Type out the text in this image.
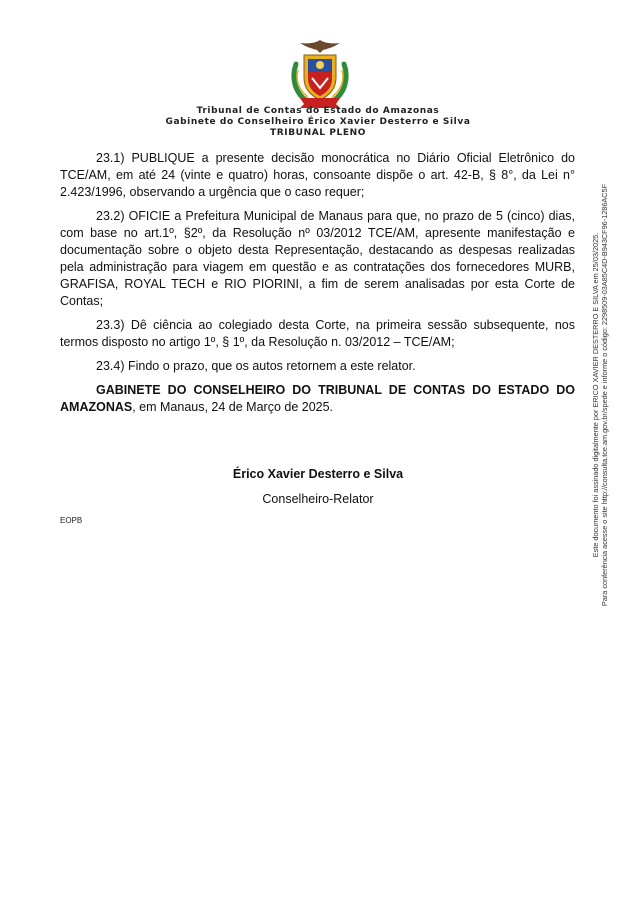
Tribunal de Contas do Estado do Amazonas
Gabinete do Conselheiro Érico Xavier Desterro e Silva
TRIBUNAL PLENO

23.1) PUBLIQUE a presente decisão monocrática no Diário Oficial Eletrônico do TCE/AM, em até 24 (vinte e quatro) horas, consoante dispõe o art. 42-B, § 8°, da Lei n° 2.423/1996, observando a urgência que o caso requer;

23.2) OFICIE a Prefeitura Municipal de Manaus para que, no prazo de 5 (cinco) dias, com base no art.1º, §2º, da Resolução nº 03/2012 TCE/AM, apresente manifestação e documentação sobre o objeto desta Representação, destacando as despesas realizadas pela administração para viagem em questão e as contratações dos fornecedores MURB, GRAFISA, ROYAL TECH e RIO PIORINI, a fim de serem analisadas por esta Corte de Contas;

23.3) Dê ciência ao colegiado desta Corte, na primeira sessão subsequente, nos termos disposto no artigo 1º, § 1º, da Resolução n. 03/2012 – TCE/AM;

23.4) Findo o prazo, que os autos retornem a este relator.

GABINETE DO CONSELHEIRO DO TRIBUNAL DE CONTAS DO ESTADO DO AMAZONAS, em Manaus, 24 de Março de 2025.

Érico Xavier Desterro e Silva
Conselheiro-Relator
EOPB	Este documento foi assinado digitalmente por ERICO XAVIER DESTERRO E SILVA em 25/03/2025. Para conferência acesse o site http://consulta.tce.am.gov.br/spede e informe o código: 2298509-03A85C4D-B943CF96-1286AC5F
